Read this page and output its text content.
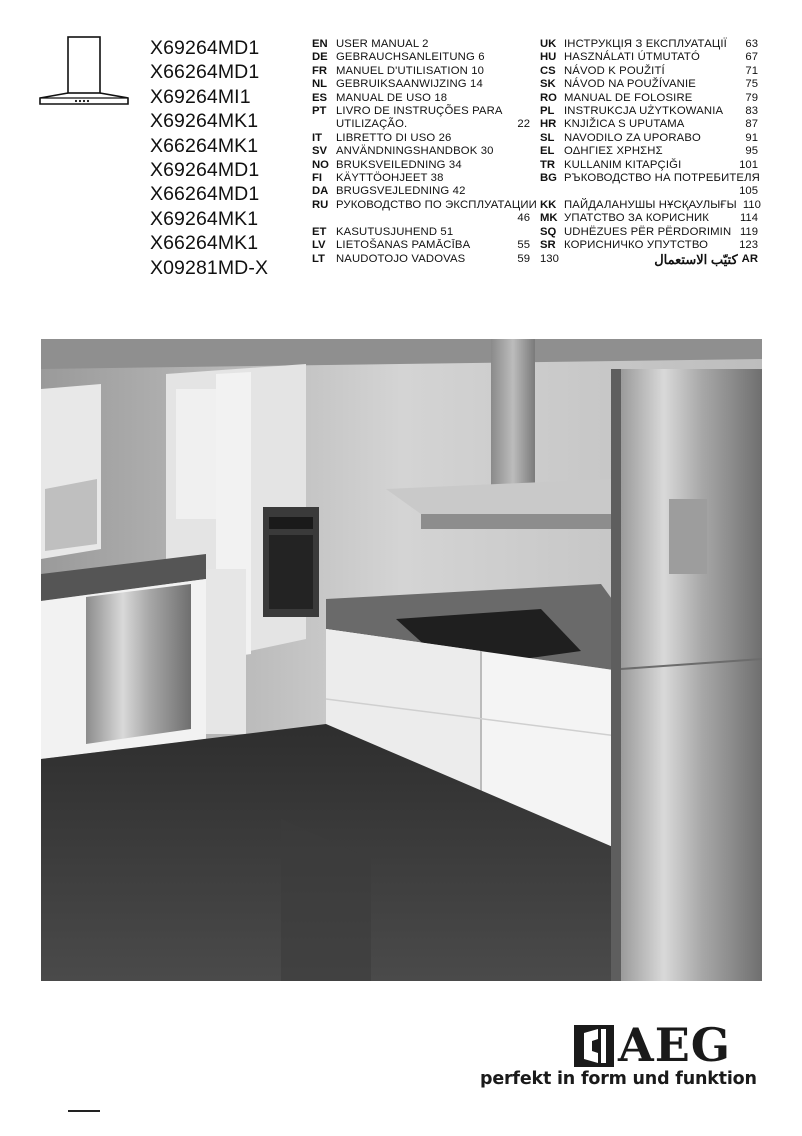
X69264MD1
X66264MD1
X69264MI1
X69264MK1
X66264MK1
X69264MD1
X66264MD1
X69264MK1
X66264MK1
X09281MD-X
EN USER MANUAL 2
DE GEBRAUCHSANLEITUNG 6
FR MANUEL D'UTILISATION 10
NL GEBRUIKSAANWIJZING 14
ES MANUAL DE USO 18
PT LIVRO DE INSTRUÇÕES PARA
UTILIZAÇÃO.	22
IT	LIBRETTO DI USO 26
SV ANVÄNDNINGSHANDBOK 30
NO BRUKSVEILEDNING 34
FI	KÄYTTÖOHJEET 38
DA BRUGSVEJLEDNING 42
RU РУКОВОДСТВО ПО ЭКСПЛУАТАЦИИ
46
ET KASUTUSJUHEND 51
LV LIETOŠANAS PAMĀCĪBA	55
LT NAUDOTOJO VADOVAS	59
UK ІНСТРУКЦІЯ З ЕКСПЛУАТАЦІЇ	63
HU HASZNÁLATI ÚTMUTATÓ	67
CS NÁVOD K POUŽITÍ	71
SK NÁVOD NA POUŽÍVANIE	75
RO MANUAL DE FOLOSIRE	79
PL INSTRUKCJA UŻYTKOWANIA	83
HR KNJIŽICA S UPUTAMA	87
SL NAVODILO ZA UPORABO	91
EL ΟΔΗΓΙΕΣ ΧΡΗΣΗΣ	95
TR KULLANIM KITAPÇIĞI	101
BG РЪКОВОДСТВО НА ПОТРЕБИТЕЛЯ
105
KK ПАЙДАЛАНУШЫ НҰСҚАУЛЫҒЫ 110
MK УПАТСТВО ЗА КОРИСНИК	114
SQ UDHËZUES PËR PËRDORIMIN 119
SR КОРИСНИЧКО УПУТСТВО	123
130	كتيّب الاستعمال AR
AEG
perfekt in form und funktion
